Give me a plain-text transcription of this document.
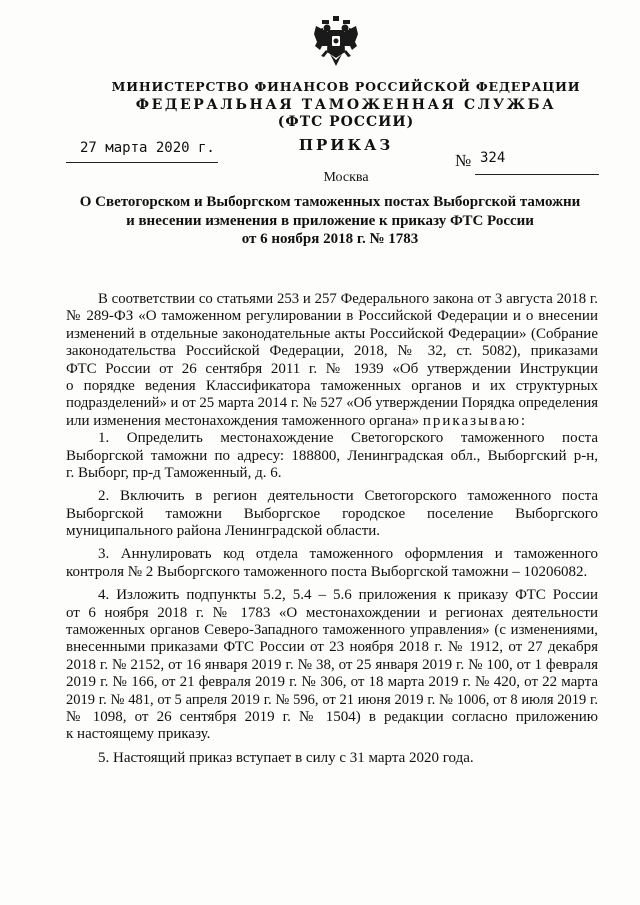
МИНИСТЕРСТВО ФИНАНСОВ РОССИЙСКОЙ ФЕДЕРАЦИИ
ФЕДЕРАЛЬНАЯ ТАМОЖЕННАЯ СЛУЖБА
(ФТС РОССИИ)
27 марта 2020 г.	ПРИКАЗ
№ 324
Москва
О Светогорском и Выборгском таможенных постах Выборгской таможни
и внесении изменения в приложение к приказу ФТС России
от 6 ноября 2018 г. № 1783
В соответствии со статьями 253 и 257 Федерального закона от 3 августа 2018 г.
№ 289-ФЗ «О таможенном регулировании в Российской Федерации и о внесении
изменений в отдельные законодательные акты Российской Федерации» (Собрание
законодательства Российской Федерации, 2018, № 32, ст. 5082), приказами
ФТС России от 26 сентября 2011 г. № 1939 «Об утверждении Инструкции
о порядке ведения Классификатора таможенных органов и их структурных
подразделений» и от 25 марта 2014 г. № 527 «Об утверждении Порядка определения
или изменения местонахождения таможенного органа» приказываю:
1. Определить местонахождение Светогорского таможенного поста
Выборгской таможни по адресу: 188800, Ленинградская обл., Выборгский р-н,
г. Выборг, пр-д Таможенный, д. 6.
2. Включить в регион деятельности Светогорского таможенного поста
Выборгской таможни Выборгское городское поселение Выборгского
муниципального района Ленинградской области.
3. Аннулировать код отдела таможенного оформления и таможенного
контроля № 2 Выборгского таможенного поста Выборгской таможни – 10206082.
4. Изложить подпункты 5.2, 5.4 – 5.6 приложения к приказу ФТС России
от 6 ноября 2018 г. № 1783 «О местонахождении и регионах деятельности
таможенных органов Северо-Западного таможенного управления» (с изменениями,
внесенными приказами ФТС России от 23 ноября 2018 г. № 1912, от 27 декабря
2018 г. № 2152, от 16 января 2019 г. № 38, от 25 января 2019 г. № 100, от 1 февраля
2019 г. № 166, от 21 февраля 2019 г. № 306, от 18 марта 2019 г. № 420, от 22 марта
2019 г. № 481, от 5 апреля 2019 г. № 596, от 21 июня 2019 г. № 1006, от 8 июля 2019 г.
№ 1098, от 26 сентября 2019 г. № 1504) в редакции согласно приложению
к настоящему приказу.
5. Настоящий приказ вступает в силу с 31 марта 2020 года.
